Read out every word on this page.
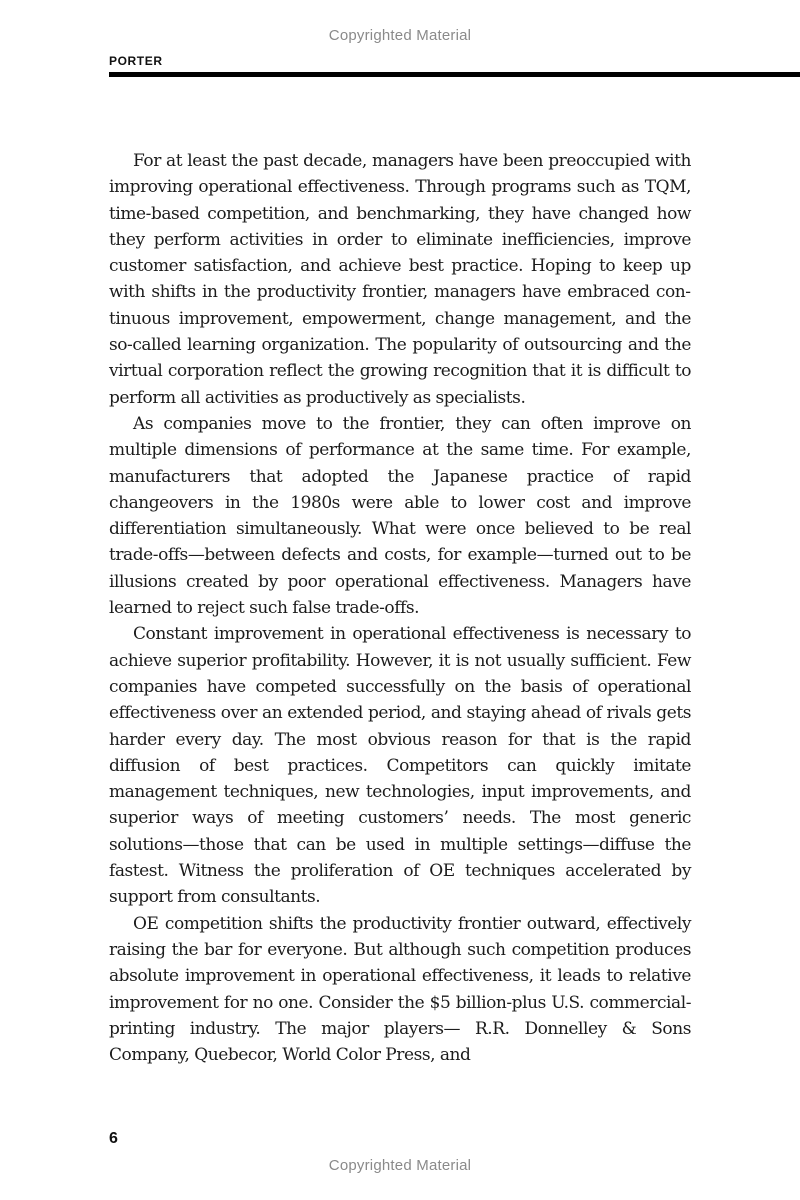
Copyrighted Material
PORTER

For at least the past decade, managers have been preoccupied with improving operational effectiveness. Through programs such as TQM, time-based competition, and benchmarking, they have changed how they perform activities in order to eliminate inefficiencies, improve customer satisfaction, and achieve best practice. Hoping to keep up with shifts in the productivity frontier, managers have embraced continuous improvement, empowerment, change management, and the so-called learning organization. The popularity of outsourcing and the virtual corporation reflect the growing recognition that it is difficult to perform all activities as productively as specialists.

As companies move to the frontier, they can often improve on multiple dimensions of performance at the same time. For example, manufacturers that adopted the Japanese practice of rapid changeovers in the 1980s were able to lower cost and improve differentiation simultaneously. What were once believed to be real trade-offs—between defects and costs, for example—turned out to be illusions created by poor operational effectiveness. Managers have learned to reject such false trade-offs.

Constant improvement in operational effectiveness is necessary to achieve superior profitability. However, it is not usually sufficient. Few companies have competed successfully on the basis of operational effectiveness over an extended period, and staying ahead of rivals gets harder every day. The most obvious reason for that is the rapid diffusion of best practices. Competitors can quickly imitate management techniques, new technologies, input improvements, and superior ways of meeting customers’ needs. The most generic solutions—those that can be used in multiple settings—diffuse the fastest. Witness the proliferation of OE techniques accelerated by support from consultants.

OE competition shifts the productivity frontier outward, effectively raising the bar for everyone. But although such competition produces absolute improvement in operational effectiveness, it leads to relative improvement for no one. Consider the $5 billion-plus U.S. commercial-printing industry. The major players— R.R. Donnelley & Sons Company, Quebecor, World Color Press, and

6
Copyrighted Material
